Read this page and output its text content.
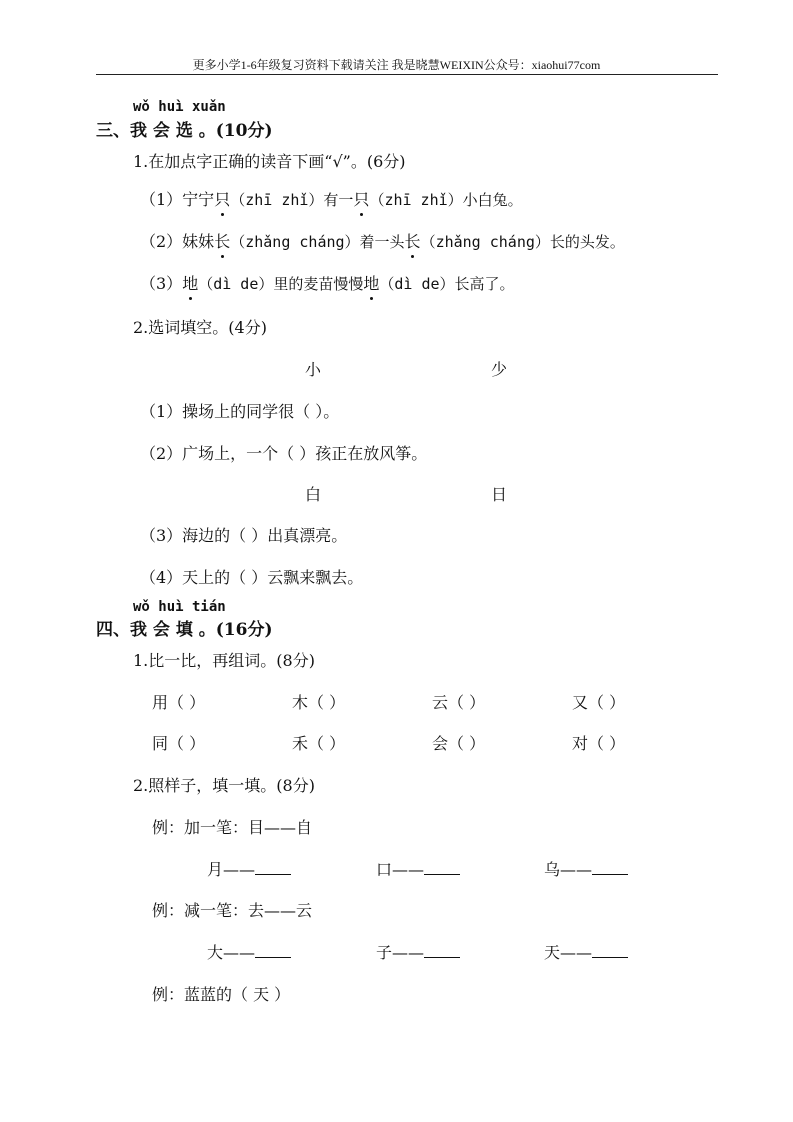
更多小学1-6年级复习资料下载请关注 我是晓慧WEIXIN公众号：xiaohui77com
wǒ huì xuǎn
三、我 会 选 。(10分)
1.在加点字正确的读音下画“√”。(6分)
（1）宁宁只（zhī zhǐ）有一只（zhī zhǐ）小白兔。
（2）妹妹长（zhǎng cháng）着一头长（zhǎng cháng）长的头发。
（3）地（dì de）里的麦苗慢慢地（dì de）长高了。
2.选词填空。(4分)
小	少
（1）操场上的同学很（ ）。
（2）广场上，一个（ ）孩正在放风筝。
白	日
（3）海边的（ ）出真漂亮。
（4）天上的（ ）云飘来飘去。
wǒ huì tián
四、我 会 填 。(16分)
1.比一比，再组词。(8分)
用（ ）	木（ ）	云（ ）	又（ ）
同（ ）	禾（ ）	会（ ）	对（ ）
2.照样子，填一填。(8分)
例：加一笔：目——自
月——	口——	乌——
例：减一笔：去——云
大——	子——	天——
例：蓝蓝的（ 天 ）
